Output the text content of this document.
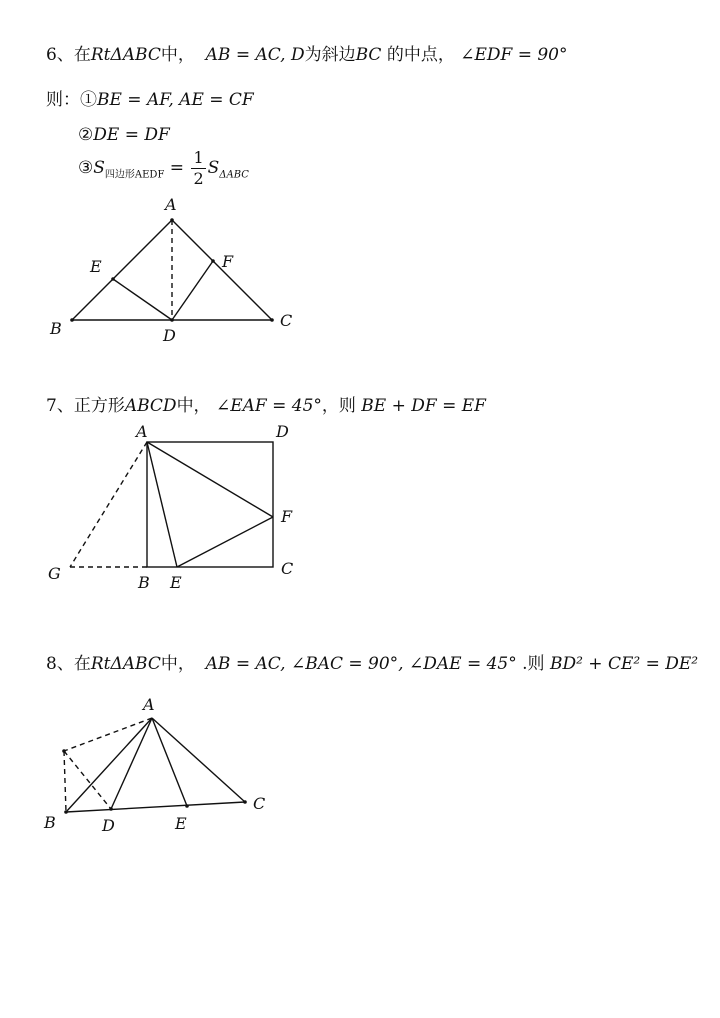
6、在RtΔABC中， AB = AC, D为斜边BC 的中点， ∠EDF = 90°
则：①BE = AF, AE = CF
②DE = DF
$③S_{四边形AEDF} = \frac{1}{2} S_{\Delta ABC}$
7、正方形ABCD中， ∠EAF = 45°，则 BE + DF = EF
8、在RtΔABC中， AB = AC, ∠BAC = 90°, ∠DAE = 45° .则 BD² + CE² = DE²
A
E	F
B	D
C
A	D
F
G	B E
C
A
B	D	E
C
